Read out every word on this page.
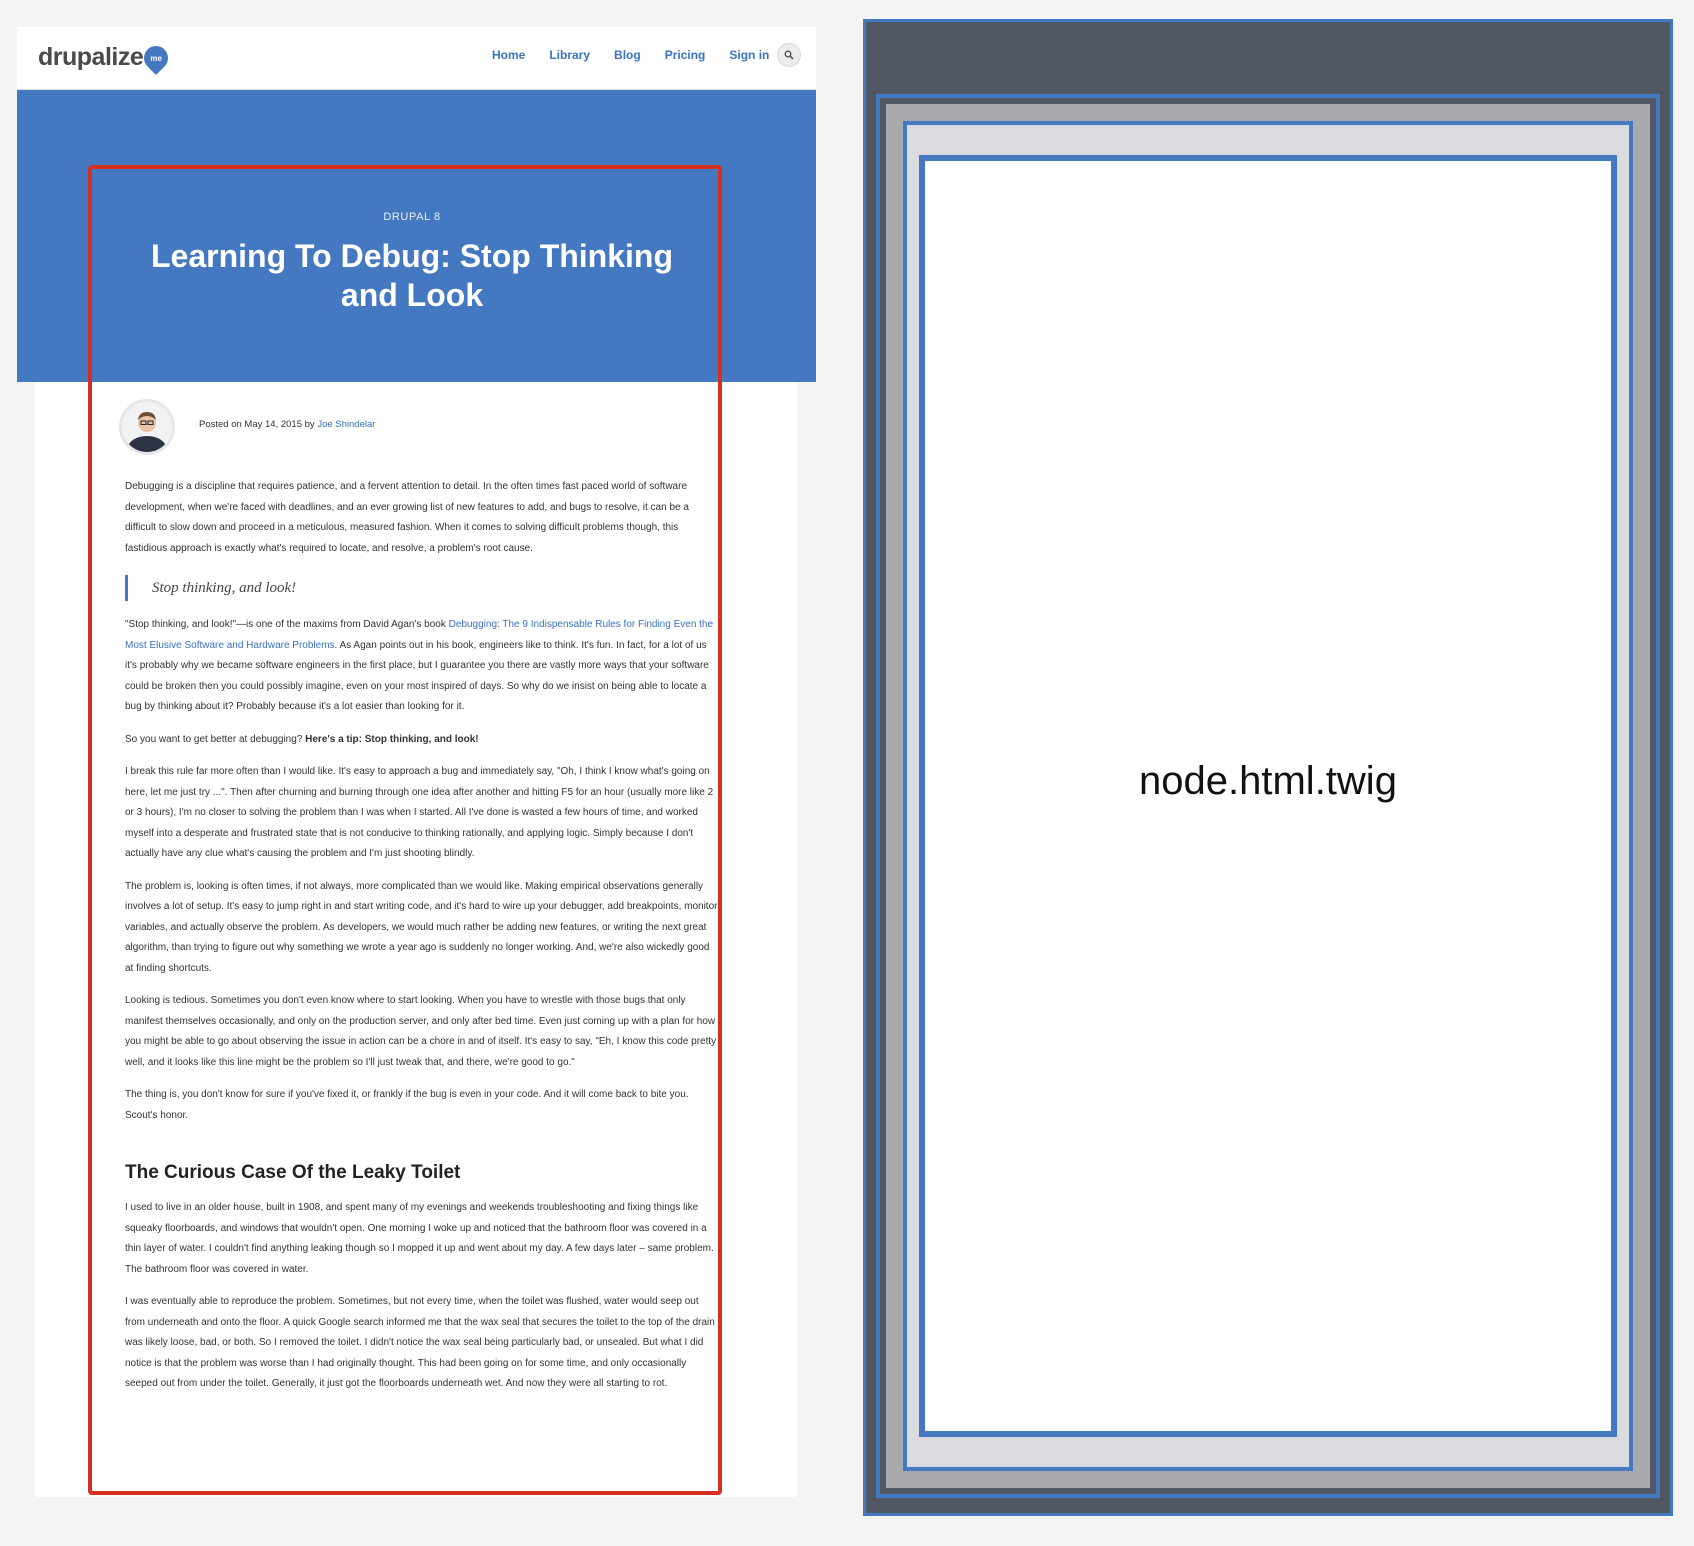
drupalize me	Home Library Blog Pricing Sign in
DRUPAL 8
Learning To Debug: Stop Thinking and Look
Posted on May 14, 2015 by Joe Shindelar

Debugging is a discipline that requires patience, and a fervent attention to detail. In the often times fast paced world of software development, when we're faced with deadlines, and an ever growing list of new features to add, and bugs to resolve, it can be a difficult to slow down and proceed in a meticulous, measured fashion. When it comes to solving difficult problems though, this fastidious approach is exactly what's required to locate, and resolve, a problem's root cause.

Stop thinking, and look!

"Stop thinking, and look!"—is one of the maxims from David Agan's book Debugging: The 9 Indispensable Rules for Finding Even the Most Elusive Software and Hardware Problems. As Agan points out in his book, engineers like to think. It's fun. In fact, for a lot of us it's probably why we became software engineers in the first place, but I guarantee you there are vastly more ways that your software could be broken then you could possibly imagine, even on your most inspired of days. So why do we insist on being able to locate a bug by thinking about it? Probably because it's a lot easier than looking for it.

So you want to get better at debugging? Here's a tip: Stop thinking, and look!

I break this rule far more often than I would like. It's easy to approach a bug and immediately say, "Oh, I think I know what's going on here, let me just try ...". Then after churning and burning through one idea after another and hitting F5 for an hour (usually more like 2 or 3 hours), I'm no closer to solving the problem than I was when I started. All I've done is wasted a few hours of time, and worked myself into a desperate and frustrated state that is not conducive to thinking rationally, and applying logic. Simply because I don't actually have any clue what's causing the problem and I'm just shooting blindly.

The problem is, looking is often times, if not always, more complicated than we would like. Making empirical observations generally involves a lot of setup. It's easy to jump right in and start writing code, and it's hard to wire up your debugger, add breakpoints, monitor variables, and actually observe the problem. As developers, we would much rather be adding new features, or writing the next great algorithm, than trying to figure out why something we wrote a year ago is suddenly no longer working. And, we're also wickedly good at finding shortcuts.

Looking is tedious. Sometimes you don't even know where to start looking. When you have to wrestle with those bugs that only manifest themselves occasionally, and only on the production server, and only after bed time. Even just coming up with a plan for how you might be able to go about observing the issue in action can be a chore in and of itself. It's easy to say, "Eh, I know this code pretty well, and it looks like this line might be the problem so I'll just tweak that, and there, we're good to go."

The thing is, you don't know for sure if you've fixed it, or frankly if the bug is even in your code. And it will come back to bite you. Scout's honor.

The Curious Case Of the Leaky Toilet

I used to live in an older house, built in 1908, and spent many of my evenings and weekends troubleshooting and fixing things like squeaky floorboards, and windows that wouldn't open. One morning I woke up and noticed that the bathroom floor was covered in a thin layer of water. I couldn't find anything leaking though so I mopped it up and went about my day. A few days later – same problem. The bathroom floor was covered in water.

I was eventually able to reproduce the problem. Sometimes, but not every time, when the toilet was flushed, water would seep out from underneath and onto the floor. A quick Google search informed me that the wax seal that secures the toilet to the top of the drain was likely loose, bad, or both. So I removed the toilet. I didn't notice the wax seal being particularly bad, or unsealed. But what I did notice is that the problem was worse than I had originally thought. This had been going on for some time, and only occasionally seeped out from under the toilet. Generally, it just got the floorboards underneath wet. And now they were all starting to rot.

node.html.twig
